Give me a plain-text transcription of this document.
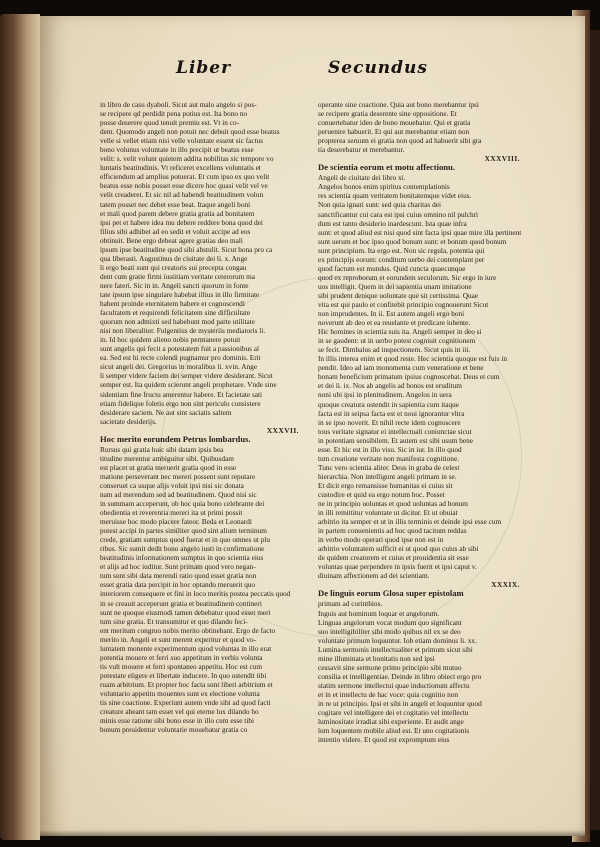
Liber	Secundus
in libro de casu dyaboli. Sicut aut malo angelo si pos-
se recipere qd perdidit pena potius est. Ita bono no
posse deserere quod tenuit premiu est. Vt in co-
dem. Quomodo angeli non potuit nec debuit quod esse beatus
velle si vellet etiam nisi velle voluntate essent sic factus
bono volunus voluntate in illo precipit ut beatus esse
velit: s. velit volunt quietem addita nobilitas sic tempore vo
luntatis beatitudinis. Vt reficeret excellens voluntatis et
efficiendum ad amplius potuerat. Et cum ipso ex quo velit
beatus esse nobis posset esse dicere hoc quasi velit vel ve
velit creaderet. Et sic nil ad habendi beatitudinem volun
tatem posset nec debet esse beat. Itaque angeli boni
et mali quod parem debere gratia gratia ad bonitatem
ipsi pet et habere idea mu debere reddere bona quod dei
filius sibi adhibet ad eo sedit et voluit accipe ad eos
obtinuit. Bene ergo debeat agere gratias deo mali
ipsum ipse beatitudine quod sibi abstulit. Sicut bona pro ca
qua liberasti. Augustinus de ciuitate dei li. x. Ange
li ergo beati sunt qui creatoris sui precepta congau
dent cum gratie firmi iustitiam veritate ceterorum ma
nere fateri. Sic in in. Angeli sancti quorum in fonte
tate ipsum ipse singulare habebat illius in illo firmitate
habent proinde eternitatem habere et cognoscendi
facultatem et requirendi felicitatem sine difficultate
quorum non admixti sed habebunt mod parte utilitate
nisi non liberaliter. Fulgentius de mysteriis mediatoris li.
in. Id hoc quidem alieno nobis permanere potuit
sunt angelis qui fecit a potestatem fuit a passionibus al
ea. Sed est hi recte colendi pugnamur pro dominis. Erit
sicut angeli dei. Gregorius in moralibus li. xvin. Ange
li semper videre faciem dei semper videre desiderant. Sicut
semper est. Ita quidem scierunt angeli prophetare. Vnde sine
sidentiam fine fructu amerentur habere. Et facietate sati
etiam fidelique foletis ergo non sint periculo consistere
desiderare saciem. Ne aut sint saciatis saltem
sacietate desiderijs.
XXXVII.
Hoc merito eorundem Petrus lombardus.
Rursus qui gratia huic sibi datam ipsis bea
titudine merentur ambiguitur sibi. Quibusdam
est placet ut gratia meruerit gratia quod in esse
matione perseverant nec mereri possent sunt reputare
conseruet ca usque alijs voluit ipsi nisi sic donata
nam ad merendum sed ad beatitudinem. Quod nisi sic
in summam acceperunt, ob hoc quia bono celebrante dei
obedientia et reverentia mereri ita ut primi possit
meruisse hoc modo placere fateor. Beda et Leonardi
potest accipi in partes similiter quod sint alium terminum
crede, gratiam sumptus quod fuerat et in quo omnes ut plu
ribus. Sic sumit dedit bono angelo iusti in confirmatione
beatitudinis informationem sumptus in quo scientia eius
et alijs ad hoc iuditur. Sunt primam quod vero negan-
tum sunt sibi data merendi ratio quod esset gratia non
esset gratia data percipit in hoc optando meruerit quo
interiorem consequere et fini in loco meritis postea peccatis quod
in se creauit acceperunt gratia et beatitudinem contineri
sunt ne quoque eiusmodi tamen debebatur quod esset meri
tum sine gratia. Et transumitur et quo dilando feci-
ent meritum congruo nobis merito obtinebant. Ergo de facto
merito in. Angeli et sunt merent experitur et quod vo-
luntatem monente experimentum quod voluntas in illo erat
potentia mouere et ferri suo appetitum in verbis volunta
tis vult mouere et ferri spontaneo appetitu. Hoc est cum
potestate eligere et libertate inducere. In quo ostendit tibi
ruam arbitrium. Et propter hoc facta sunt liberi arbitrium et
voluntario appetitu mouentes sunt ex electione volunta
tis sine coactione. Experiunt autem vnde sibi ad quod facti
creature abeant tam esset vel qui eterne lux dilando ho
minis esse ratione sibi bono esse in illo cum esse tibi
bonum preuidentur voluntarie mouebatur gratia co
operante sine coactione. Quia aut bono merebantur ipsi
se recipere gratia deserente sine oppositione. Et
conuertebatur ideo de bono mouebatur. Qui et gratia
peruenire habuerit. Et qui aut merebantur etiam non
propterea seruum ei gratia non quod ad habuerit sibi gra
tia deserebatur et merebantur.
XXXVIII.
De scientia eorum et motu affectionu.
Angeli de ciuitate dei libro xi.
Angelos bonos enim spiritus contemplationis
res scientia quam veritatem bonitatemque videt eius.
Non quia ignari sunt: sed quia charitas dei
sanctificantur cui cara est ipsi cuius omnino nil pulchri
dum est tanto desiderio inardescunt. Ista quae infra
sunt: et quod aliud est nisi quod sint facta ipsi quae mire illa pertinent
sunt uerum et hoc ipso quod bonum sunt: et bonum quod bonum
sunt principium. Ita ergo est. Non sic regula, potentia qui
ex principijs eorum: conditum uerbo dei contemplant per
quod factum est mundus. Quid cuncta quaecunque
quod ex reproborum et eorundem seculorum. Sic ergo in iure
uos intelligit. Quem in dei sapientia unam imitatione
sibi prudent denique uoluntate que sit certissima. Quae
vita est qui paulo et confitebit principio cognouerunt Sicut
non imprudentes. In ii. Est autem angeli ergo boni
noverunt ab deo et ea reuelante et predicare iubente.
Hic homines in scientia suis ita. Angeli semper in deo si
in se gaudent: ut in uerbo potest cogniuit cognitionem
se fecit. Dimbalus ad inspectionem. Sicut quis in iii.
In illis interea enim et quod reste. Hec scientia quoque est fuis in
pendit. Ideo ad iam monomenta cum veneratione et bene
bonam beneficium primatum ipsius cognoscebat. Deus et cum
et dei li. ix. Nos ab angelis ad bonos est eruditum
noni ubi ipsi in plenitudinem. Angelos in uera
quoque creatura ostendit in sapientia cum itaque
facta est in seipsa facta est et noui ignorantur vltra
in se ipso noverit. Et nihil recte idem cognoscere
tous veritate signatur ei intellectuali coniunctae sicut
in potentiam sensibilem. Et autem est sibi usum bene
esse. Et hic est in illo visu. Sic in iur. In illo quod
tum creatione veritate non manifesta cognitione.
Tunc vero scientia aliter. Deus in graba de celest
hierarchia. Non intelligunt angeli primam in se.
Et dicit ergo remansisse humanitas ei cuius sit
custodire et quid ea ergo notum hoc. Posset
ne in principio uoluntas et quod uoluntas ad bonum
in illi remittitur voluntate ut dicitur. Et ut obuiat
arbitrio ita semper et ut in illis terminis et deinde ipsi esse cum
in partem conuenientis ad hoc quod tacitum reddas
in verbo modo operari quod ipse non est in
arbitrio voluntatem sufficit ei ut quod quo cuius ab sibi
de quidem creatorem et cuius et prouidentia sit esse
voluntas quae perpendere in ipsis fuerit et ipsi caput v.
diuinam affectionem ad dei scientiam.
XXXIX.
De linguis eorum Glosa super epistolam
primam ad corinthios.
Inguis aut hominum loquar et angelorum.
Linguas angelorum vocat modum quo significant
suo intelligibiliter sibi modo quibus nil ex se deo
voluntate primum loquuntur. Iob etiam dominus li. xx.
Lumina sermonis intellectualiter et primum sicut sibi
mine illuminata et bonitatis non sed ipsi
cessavit sine sermone primo principio sibi mutuo
consilia et intelligentiae. Deinde in libro obiect ergo pro
statim sermone intellectui quae inductionum affectu
et in et intellectu de hac voce: quia cognitio non
in re ut principio. Ipsi et sibi in angeli et loquuntur quod
cogitare vel intelligere dei et cogitatio vel intellectu
luminositate irradiat sibi experiente. Et audit ange
lum loquentem mobile aliud est. Et uno cogitationis
intentio videre. Et quod est expromptum eius
